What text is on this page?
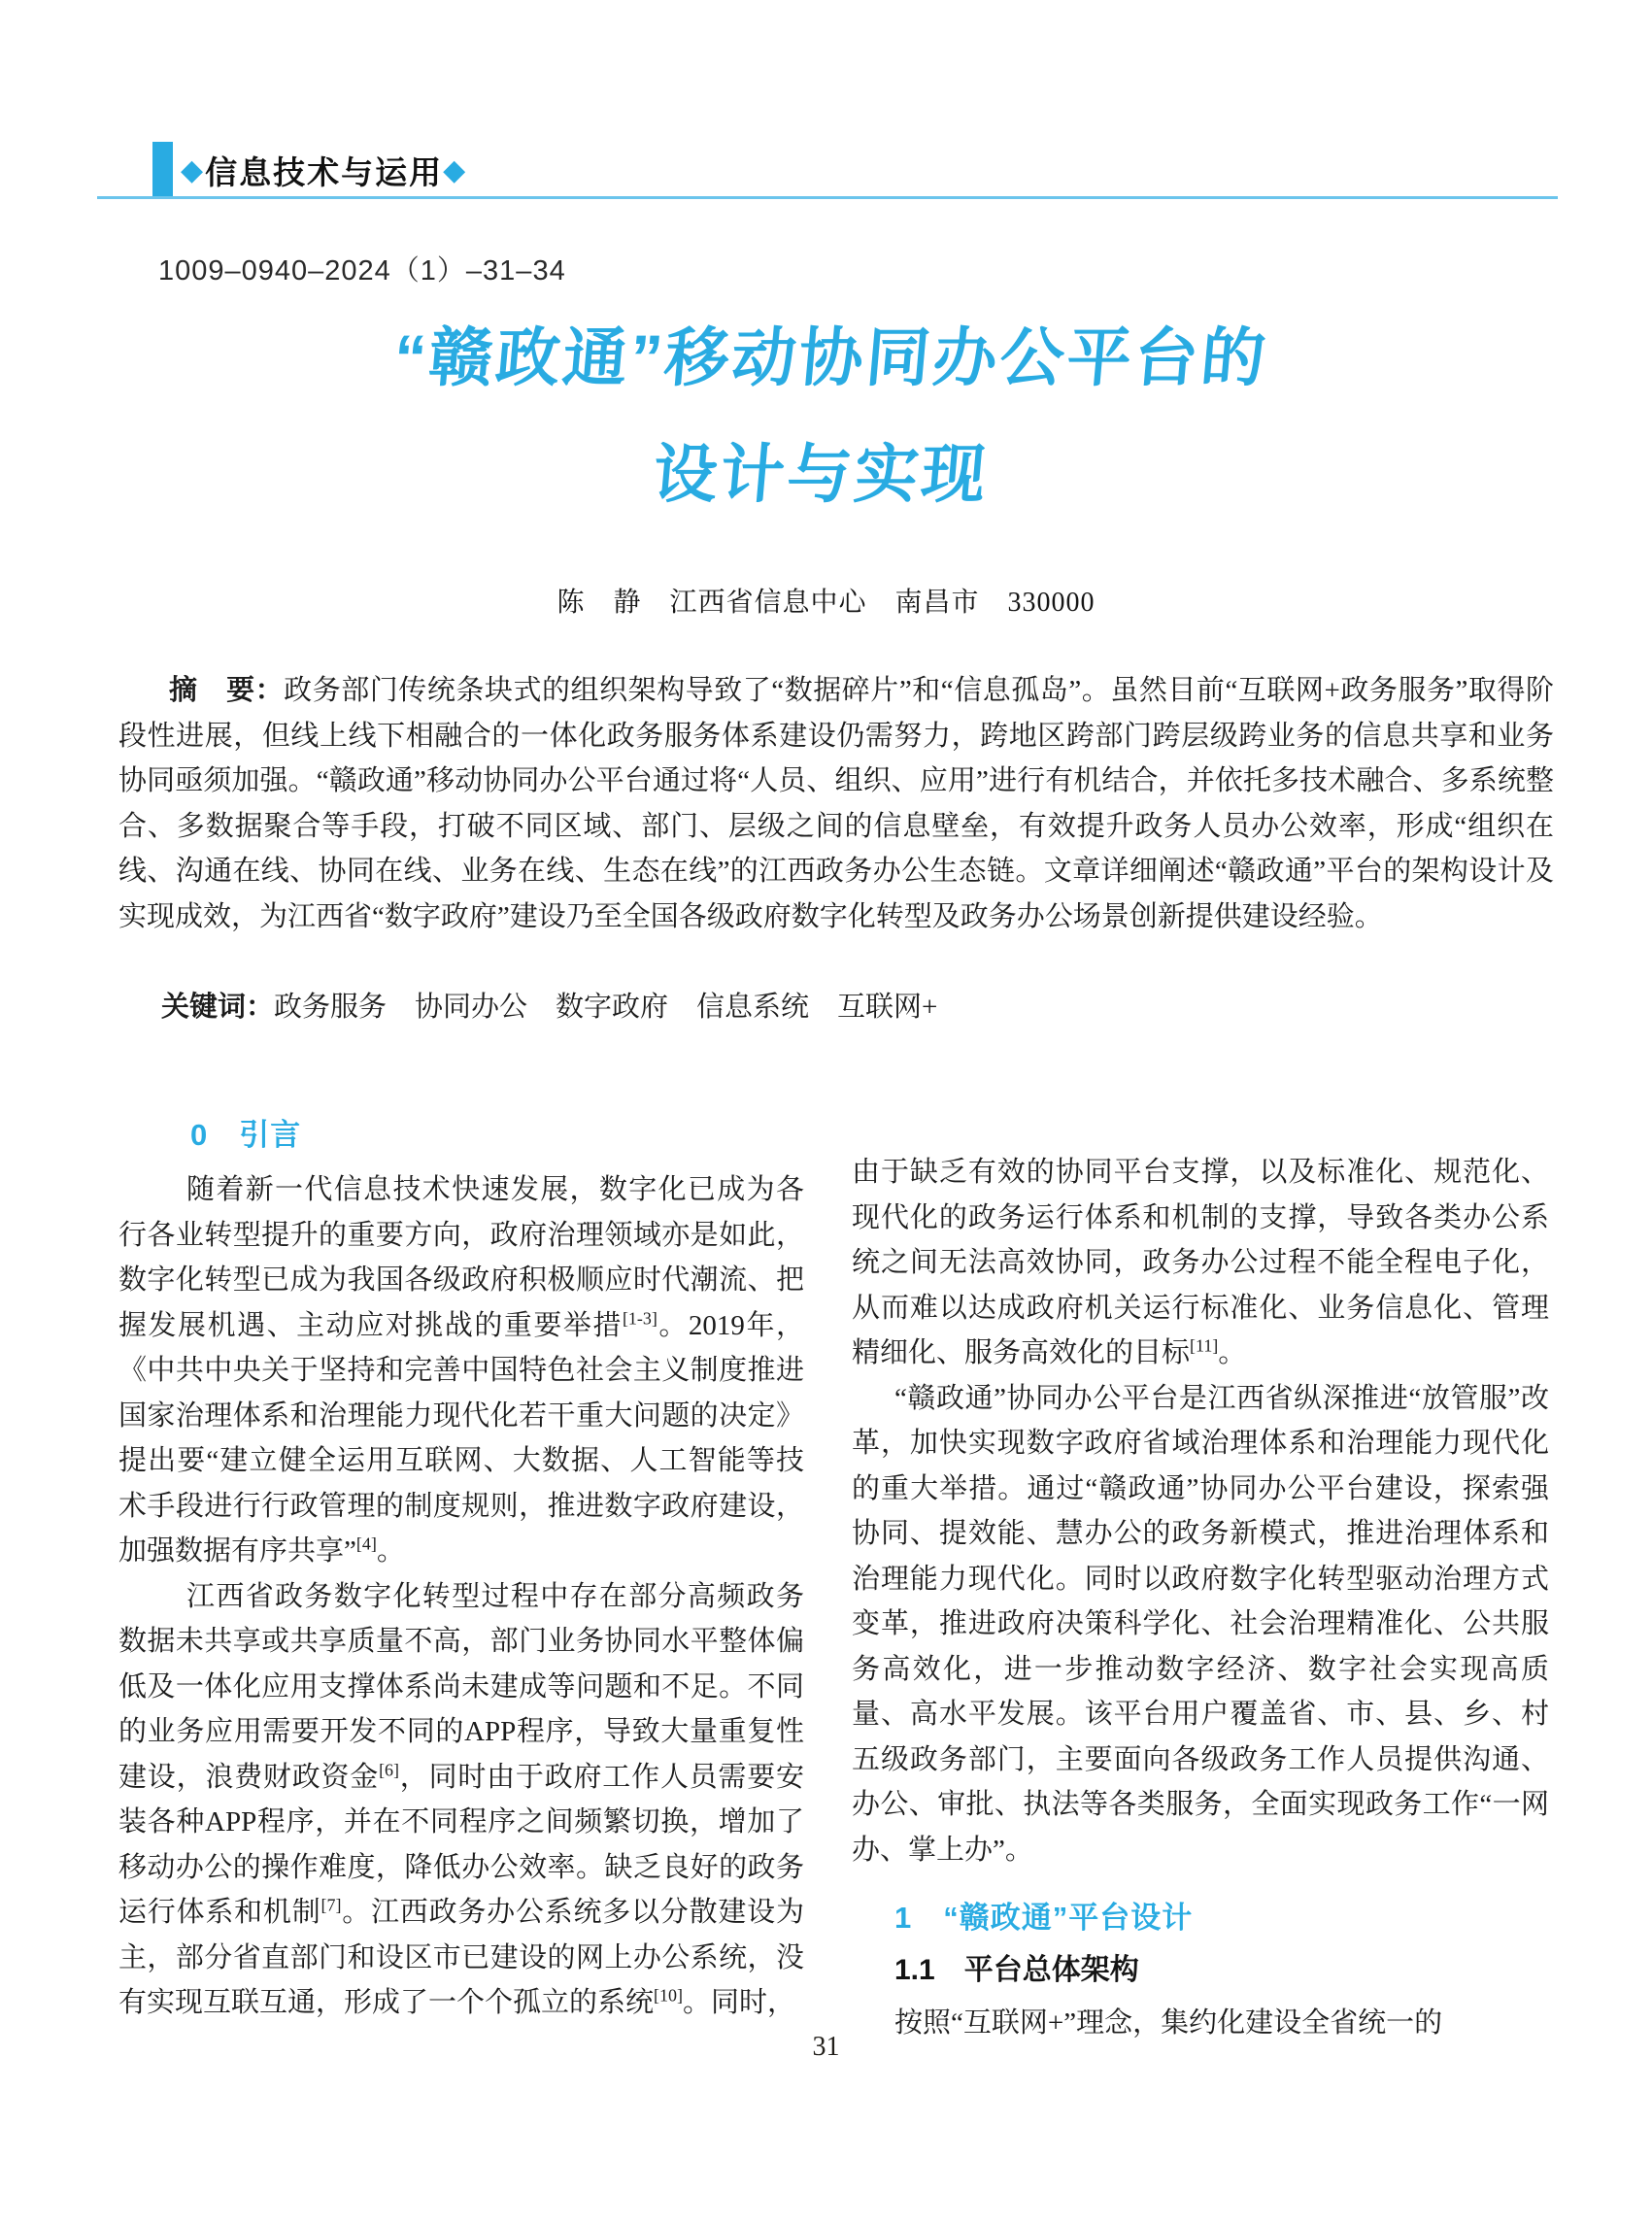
◆ 信息技术与运用 ◆
1009–0940–2024（1）–31–34
“赣政通”移动协同办公平台的
设计与实现
陈　静　江西省信息中心　南昌市　330000
摘　要：政务部门传统条块式的组织架构导致了“数据碎片”和“信息孤岛”。虽然目前“互联网+政务服务”取得阶段性进展，但线上线下相融合的一体化政务服务体系建设仍需努力，跨地区跨部门跨层级跨业务的信息共享和业务协同亟须加强。“赣政通”移动协同办公平台通过将“人员、组织、应用”进行有机结合，并依托多技术融合、多系统整合、多数据聚合等手段，打破不同区域、部门、层级之间的信息壁垒，有效提升政务人员办公效率，形成“组织在线、沟通在线、协同在线、业务在线、生态在线”的江西政务办公生态链。文章详细阐述“赣政通”平台的架构设计及实现成效，为江西省“数字政府”建设乃至全国各级政府数字化转型及政务办公场景创新提供建设经验。
关键词：政务服务　协同办公　数字政府　信息系统　互联网+
0　引言

随着新一代信息技术快速发展，数字化已成为各行各业转型提升的重要方向，政府治理领域亦是如此，数字化转型已成为我国各级政府积极顺应时代潮流、把握发展机遇、主动应对挑战的重要举措[1-3]。2019年，《中共中央关于坚持和完善中国特色社会主义制度推进国家治理体系和治理能力现代化若干重大问题的决定》提出要“建立健全运用互联网、大数据、人工智能等技术手段进行行政管理的制度规则，推进数字政府建设，加强数据有序共享”[4]。

江西省政务数字化转型过程中存在部分高频政务数据未共享或共享质量不高，部门业务协同水平整体偏低及一体化应用支撑体系尚未建成等问题和不足。不同的业务应用需要开发不同的APP程序，导致大量重复性建设，浪费财政资金[6]，同时由于政府工作人员需要安装各种APP程序，并在不同程序之间频繁切换，增加了移动办公的操作难度，降低办公效率。缺乏良好的政务运行体系和机制[7]。江西政务办公系统多以分散建设为主，部分省直部门和设区市已建设的网上办公系统，没有实现互联互通，形成了一个个孤立的系统[10]。同时，

由于缺乏有效的协同平台支撑，以及标准化、规范化、现代化的政务运行体系和机制的支撑，导致各类办公系统之间无法高效协同，政务办公过程不能全程电子化，从而难以达成政府机关运行标准化、业务信息化、管理精细化、服务高效化的目标[11]。

“赣政通”协同办公平台是江西省纵深推进“放管服”改革，加快实现数字政府省域治理体系和治理能力现代化的重大举措。通过“赣政通”协同办公平台建设，探索强协同、提效能、慧办公的政务新模式，推进治理体系和治理能力现代化。同时以政府数字化转型驱动治理方式变革，推进政府决策科学化、社会治理精准化、公共服务高效化，进一步推动数字经济、数字社会实现高质量、高水平发展。该平台用户覆盖省、市、县、乡、村五级政务部门，主要面向各级政务工作人员提供沟通、办公、审批、执法等各类服务，全面实现政务工作“一网办、掌上办”。

1　“赣政通”平台设计
1.1　平台总体架构

按照“互联网+”理念，集约化建设全省统一的

31
